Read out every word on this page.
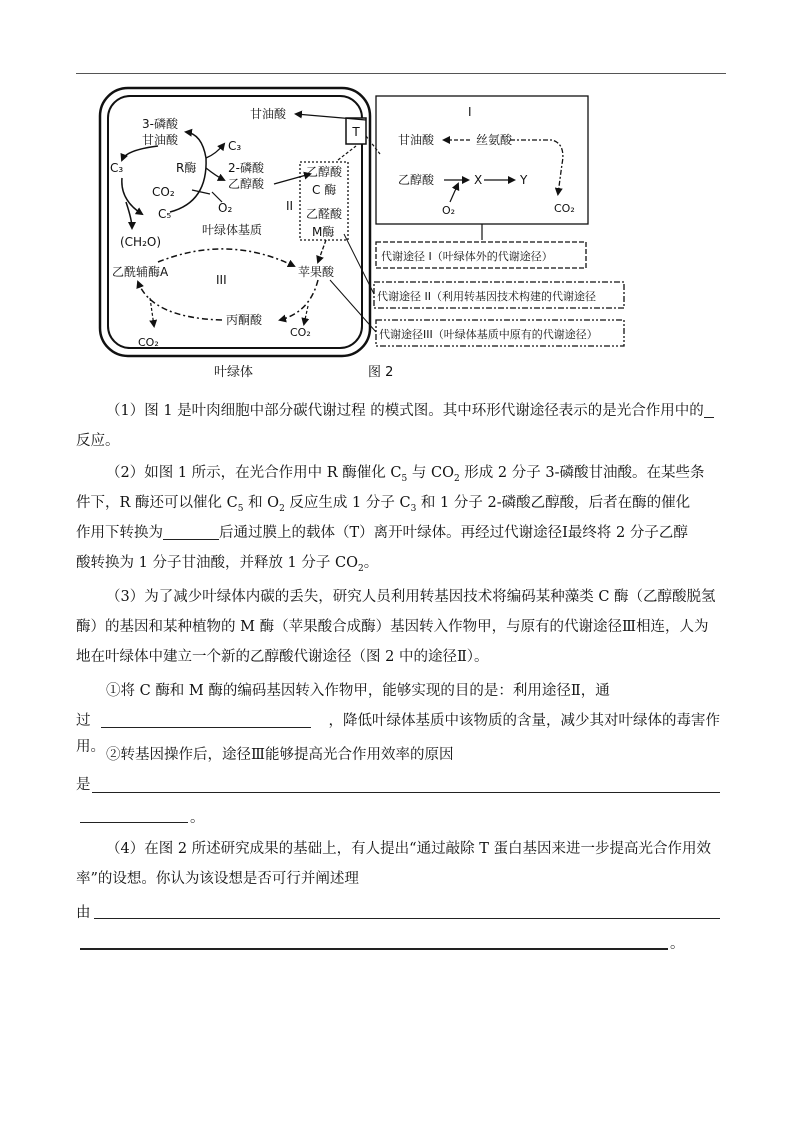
T
甘油酸
3-磷酸
甘油酸
C₃	R酶
CO₂
C₅
(CH₂O)
C₃
2-磷酸
乙醇酸
O₂
叶绿体基质
II
乙醇酸
C 酶
乙醛酸
M酶
乙酰辅酶A	苹果酸
III
丙酮酸
CO₂
CO₂
叶绿体	图 2
I
甘油酸	丝氨酸
乙醇酸	X	Y
O₂	CO₂
代谢途径 I（叶绿体外的代谢途径）
代谢途径 II（利用转基因技术构建的代谢途径
代谢途径III（叶绿体基质中原有的代谢途径）

（1）图 1 是叶肉细胞中部分碳代谢过程 的模式图。其中环形代谢途径表示的是光合作用中的

反应。

（2）如图 1 所示，在光合作用中 R 酶催化 $C_5$ 与 $CO_2$ 形成 2 分子 3-磷酸甘油酸。在某些条

件下，R 酶还可以催化 $C_5$ 和 $O_2$ 反应生成 1 分子 $C_3$ 和 1 分子 2-磷酸乙醇酸，后者在酶的催化

作用下转换为	后通过膜上的载体（T）离开叶绿体。再经过代谢途径Ⅰ最终将 2 分子乙醇

酸转换为 1 分子甘油酸，并释放 1 分子 $CO_2$。

（3）为了减少叶绿体内碳的丢失，研究人员利用转基因技术将编码某种藻类 C 酶（乙醇酸脱氢

酶）的基因和某种植物的 M 酶（苹果酸合成酶）基因转入作物甲，与原有的代谢途径Ⅲ相连，人为

地在叶绿体中建立一个新的乙醇酸代谢途径（图 2 中的途径Ⅱ）。

①将 C 酶和 M 酶的编码基因转入作物甲，能够实现的目的是：利用途径Ⅱ，通

过	，降低叶绿体基质中该物质的含量，减少其对叶绿体的毒害作用。 ②转基因操作后，途径Ⅲ能够提高光合作用效率的原因

是

。

（4）在图 2 所述研究成果的基础上，有人提出“通过敲除 T 蛋白基因来进一步提高光合作用效

率”的设想。你认为该设想是否可行并阐述理

由

。
